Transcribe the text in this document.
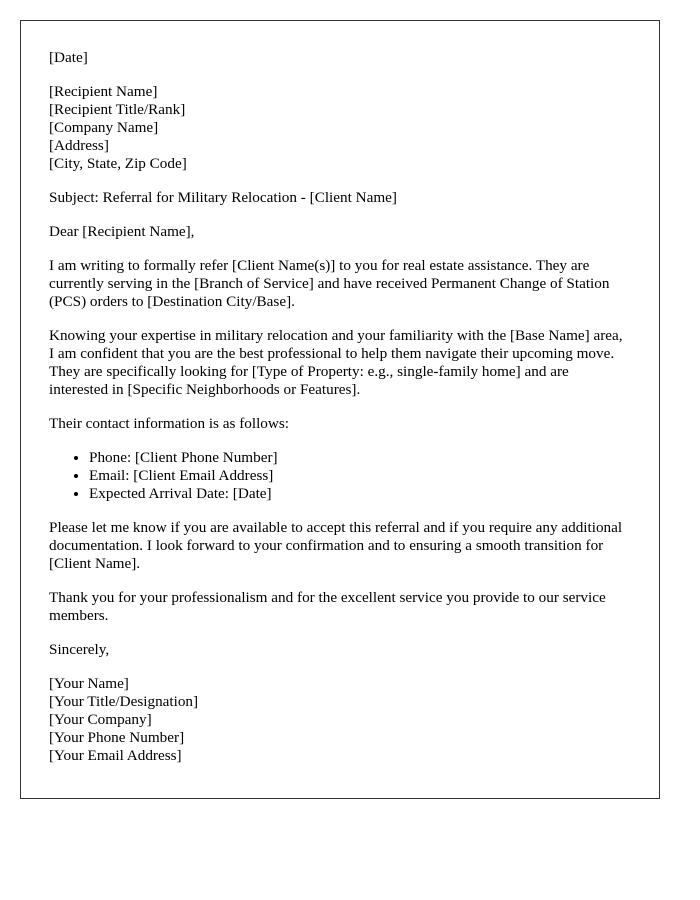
[Date]
[Recipient Name]
[Recipient Title/Rank]
[Company Name]
[Address]
[City, State, Zip Code]

Subject: Referral for Military Relocation - [Client Name]

Dear [Recipient Name],

I am writing to formally refer [Client Name(s)] to you for real estate assistance. They are currently serving in the [Branch of Service] and have received Permanent Change of Station (PCS) orders to [Destination City/Base].

Knowing your expertise in military relocation and your familiarity with the [Base Name] area, I am confident that you are the best professional to help them navigate their upcoming move. They are specifically looking for [Type of Property: e.g., single-family home] and are interested in [Specific Neighborhoods or Features].

Their contact information is as follows:

• Phone: [Client Phone Number]
• Email: [Client Email Address]
• Expected Arrival Date: [Date]

Please let me know if you are available to accept this referral and if you require any additional documentation. I look forward to your confirmation and to ensuring a smooth transition for [Client Name].

Thank you for your professionalism and for the excellent service you provide to our service members.

Sincerely,

[Your Name]
[Your Title/Designation]
[Your Company]
[Your Phone Number]
[Your Email Address]
